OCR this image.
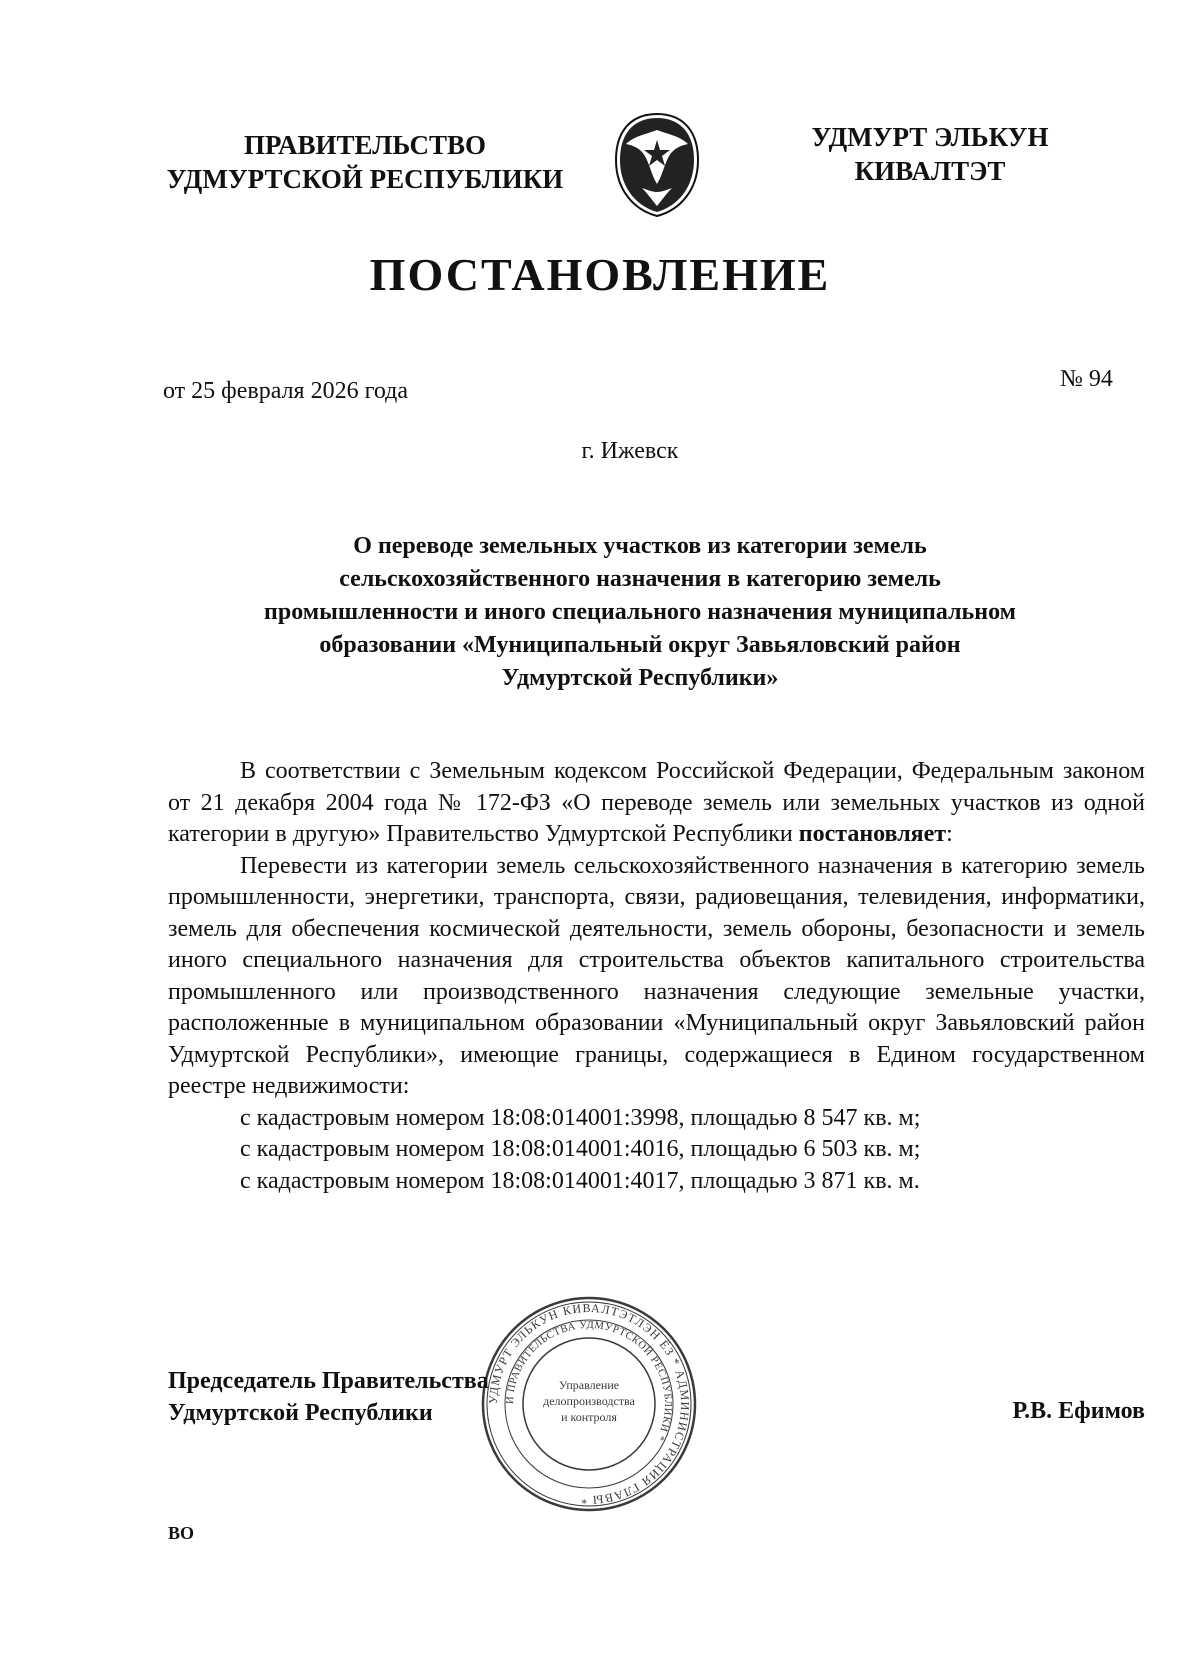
ПРАВИТЕЛЬСТВО
УДМУРТСКОЙ РЕСПУБЛИКИ
УДМУРТ ЭЛЬКУН
КИВАЛТЭТ
ПОСТАНОВЛЕНИЕ
от 25 февраля 2026 года	№ 94
г. Ижевск
О переводе земельных участков из категории земель сельскохозяйственного назначения в категорию земель промышленности и иного специального назначения муниципальном образовании «Муниципальный округ Завьяловский район Удмуртской Республики»

В соответствии с Земельным кодексом Российской Федерации, Федеральным законом от 21 декабря 2004 года № 172-ФЗ «О переводе земель или земельных участков из одной категории в другую» Правительство Удмуртской Республики постановляет:

Перевести из категории земель сельскохозяйственного назначения в категорию земель промышленности, энергетики, транспорта, связи, радиовещания, телевидения, информатики, земель для обеспечения космической деятельности, земель обороны, безопасности и земель иного специального назначения для строительства объектов капитального строительства промышленного или производственного назначения следующие земельные участки, расположенные в муниципальном образовании «Муниципальный округ Завьяловский район Удмуртской Республики», имеющие границы, содержащиеся в Едином государственном реестре недвижимости:

с кадастровым номером 18:08:014001:3998, площадью 8 547 кв. м;

с кадастровым номером 18:08:014001:4016, площадью 6 503 кв. м;

с кадастровым номером 18:08:014001:4017, площадью 3 871 кв. м.

УДМУРТ ЭЛЬКУН КИВАЛТЭТЛЭН ЁЗ * АДМИНИСТРАЦИЯ ГЛАВЫ *
И ПРАВИТЕЛЬСТВА УДМУРТСКОЙ РЕСПУБЛИКИ *
Управление
делопроизводства
и контроля
Председатель Правительства
Удмуртской Республики	Р.В. Ефимов
ВО
